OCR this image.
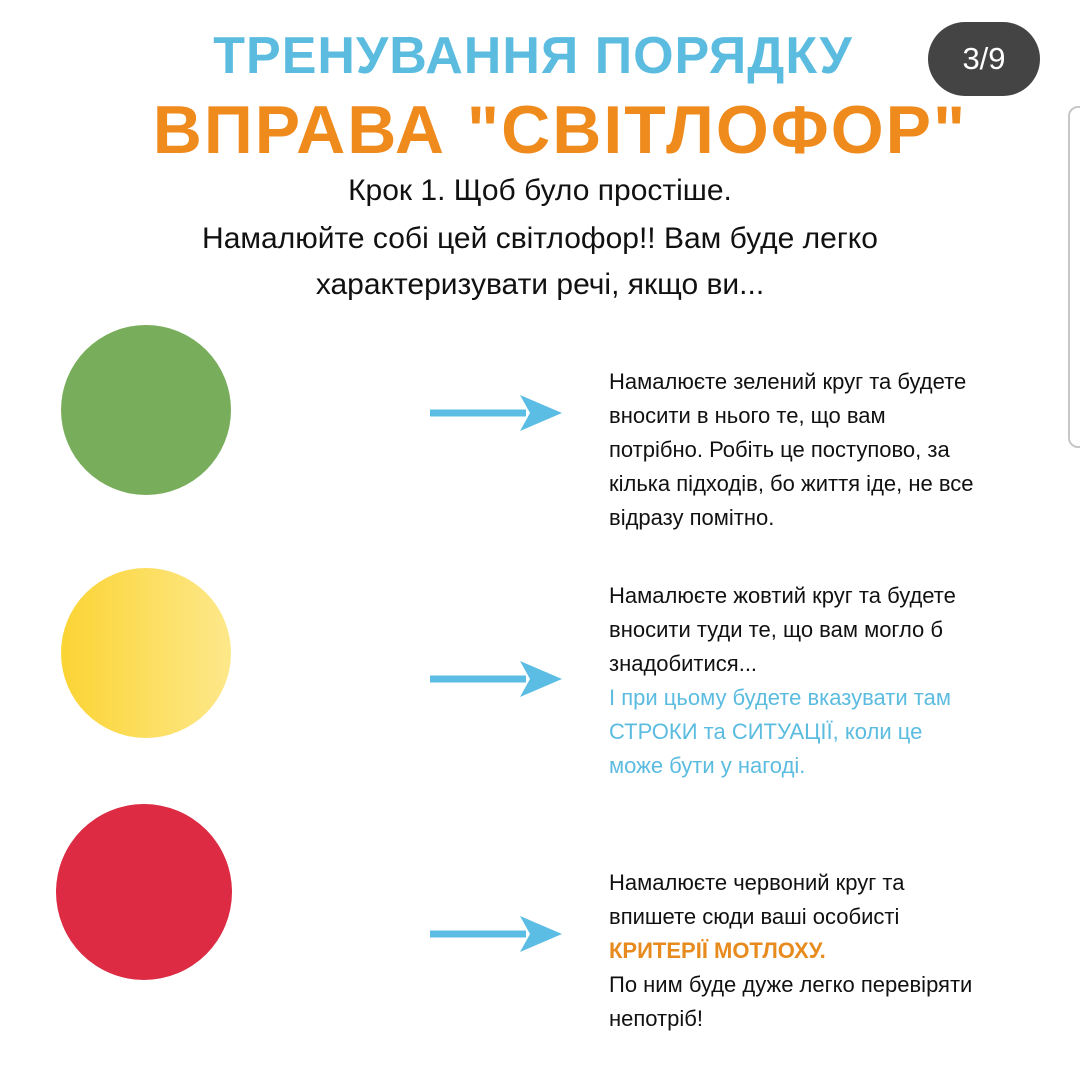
ТРЕНУВАННЯ ПОРЯДКУ
ВПРАВА "СВІТЛОФОР"
3/9
Крок 1. Щоб було простіше.
Намалюйте собі цей світлофор!! Вам буде легко
характеризувати речі, якщо ви...
Намалюєте зелений круг та будете
вносити в нього те, що вам
потрібно. Робіть це поступово, за
кілька підходів, бо життя іде, не все
відразу помітно.
Намалюєте жовтий круг та будете
вносити туди те, що вам могло б
знадобитися...
І при цьому будете вказувати там
СТРОКИ та СИТУАЦІЇ, коли це
може бути у нагоді.
Намалюєте червоний круг та
впишете сюди ваші особисті
КРИТЕРІЇ МОТЛОХУ.
По ним буде дуже легко перевіряти
непотріб!
